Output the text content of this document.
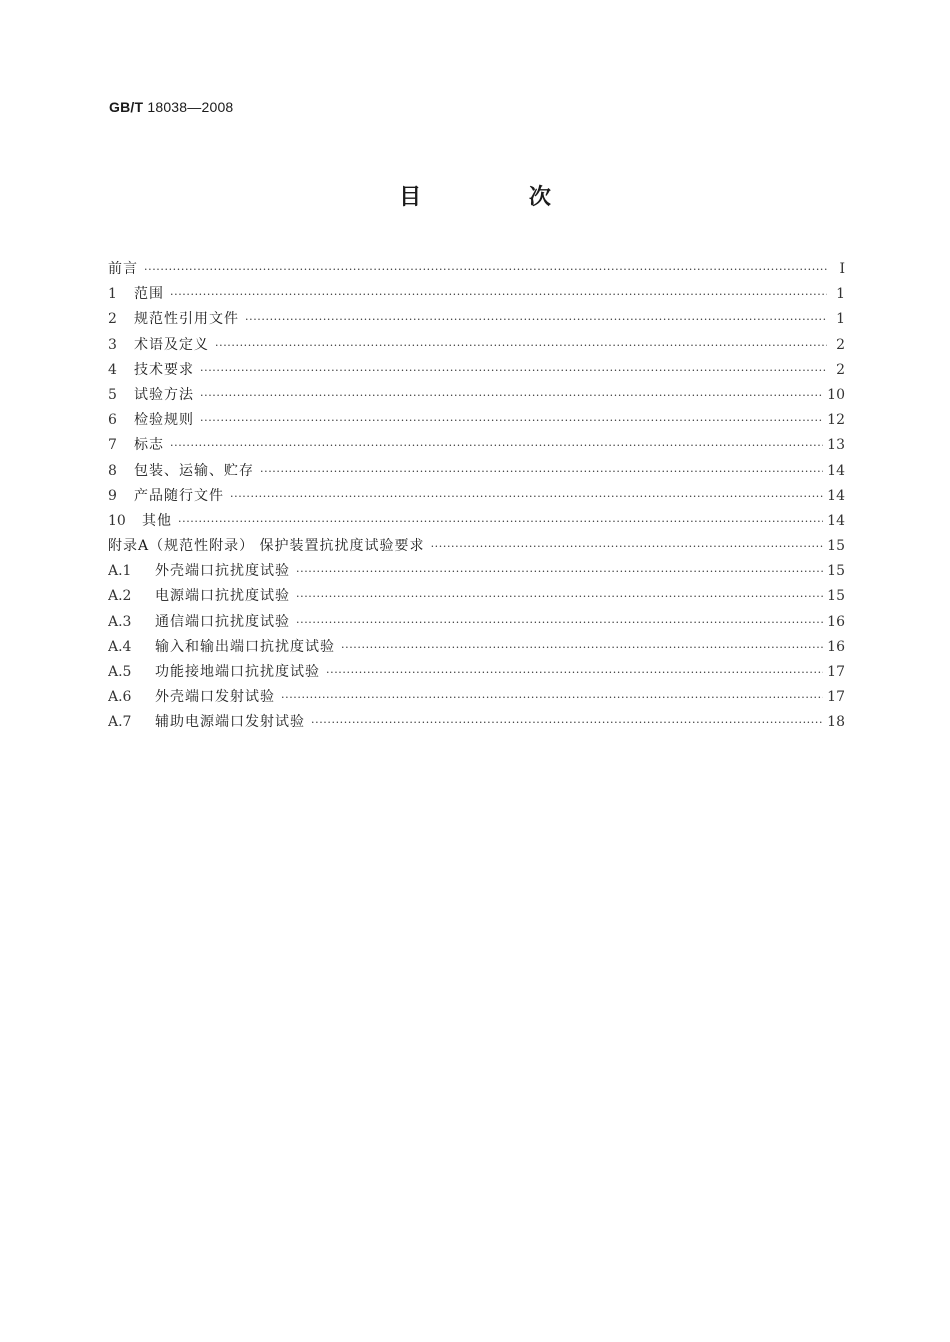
GB/T 18038—2008
目 次
前言 ·····	Ⅰ
1	范围 ·····	1
2	规范性引用文件 ·····	1
3	术语及定义 ·····	2
4	技术要求 ·····	2
5	试验方法 ·····	10
6	检验规则 ·····	12
7	标志 ·····	13
8	包装、运输、贮存 ·····	14
9	产品随行文件 ·····	14
10	其他 ·····	14
附录A（规范性附录） 保护装置抗扰度试验要求 ·····	15
A.1	外壳端口抗扰度试验 ·····	15
A.2	电源端口抗扰度试验 ·····	15
A.3	通信端口抗扰度试验 ·····	16
A.4	输入和输出端口抗扰度试验 ·····	16
A.5	功能接地端口抗扰度试验 ·····	17
A.6	外壳端口发射试验 ·····	17
A.7	辅助电源端口发射试验 ·····	18
